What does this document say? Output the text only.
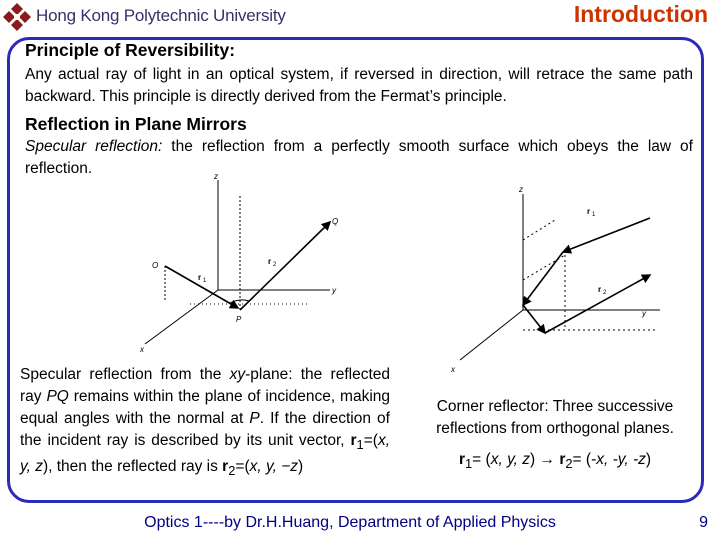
Hong Kong Polytechnic University	Introduction
Principle of Reversibility:
Any actual ray of light in an optical system, if reversed in direction, will retrace the same path backward. This principle is directly derived from the Fermat’s principle.
Reflection in Plane Mirrors
Specular reflection: the reflection from a perfectly smooth surface which obeys the law of reflection.	z
y
x
O
Q
P
r 1
r 2
z
y
x
r 1
r 2
Specular reflection from the xy-plane: the reflected ray PQ remains within the plane of incidence, making equal angles with the normal at P. If the direction of the incident ray is described by its unit vector, $r_1=(x$, y, z), then the reflected ray is $r_2=(x$, y, −z)
Corner reflector: Three successive reflections from orthogonal planes.
$r_1= (x$, y, $z) \to r_2= (-x$, -y, -z)
Optics 1----by Dr.H.Huang, Department of Applied Physics	9
